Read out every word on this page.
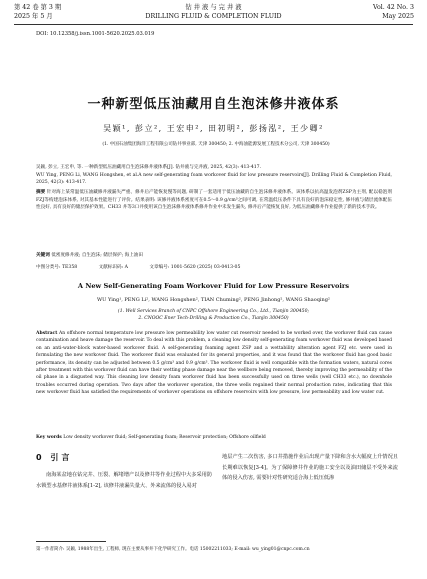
第 42 卷 第 3 期
2025 年 5 月
钻 井 液 与 完 井 液
DRILLING FLUID & COMPLETION FLUID
Vol. 42 No. 3
May 2025
DOI: 10.12358/j.issn.1001-5620.2025.03.019
一种新型低压油藏用自生泡沫修井液体系
吴颖¹, 彭立², 王宏申², 田初明², 彭扬泓², 王少卿²
(1. 中国石油集团海洋工程有限公司钻井事业部, 天津 300450; 2. 中海油能源发展工程技术分公司, 天津 300450)
吴颖, 彭立, 王宏申, 等. 一种新型低压油藏用自生泡沫修井液体系[J]. 钻井液与完井液, 2025, 42(3): 413-417.
WU Ying, PENG Li, WANG Hongshen, et al.A new self-generating foam workover fluid for low pressure reservoirs[J]. Drilling Fluid & Completion Fluid, 2025, 42(3): 413-417.
摘要 针对海上某常温低压油藏修井液漏失严重、修井后产能恢复慢等问题, 研制了一套适用于低压油藏的自生泡沫修井液体系。该体系以抗高温发泡剂ZSP为主剂, 配以稳泡剂FZJ等构建泡沫体系, 对其基本性能进行了评价。结果表明: 该修井液体系密度可在0.5～0.9 g/cm³之间可调, 在常温低压条件下具有良好的泡沫稳定性, 修井液与储层流体配伍性良好, 具有良好的储层保护效果。CH33 井等3口井使用该自生泡沫修井液体系修井作业中未发生漏失, 修井后产能恢复良好, 为低压油藏修井作业提供了新的技术手段。
关键词 低密度修井液; 自生泡沫; 储层保护; 海上油田
中图分类号: TE358	文献标识码: A	文章编号: 1001-5620 (2025) 03-0413-05
A New Self-Generating Foam Workover Fluid for Low Pressure Reservoirs
WU Ying¹, PENG Li², WANG Hongshen², TIAN Chuming², PENG Jinhong², WANG Shaoqing²
(1. Well Services Branch of CNPC Offshore Engineering Co., Ltd., Tianjin 300450;
2. CNOOC Ener Tech-Drilling & Production Co., Tianjin 300450)
Abstract An offshore normal temperature low pressure low permeability low water cut reservoir needed to be worked over, the workover fluid can cause contamination and heave damage the reservoir. To deal with this problem, a cleaning low density self-generating foam workover fluid was developed based on an anti-water-block water-based workover fluid. A self-generating foaming agent ZSP and a wettability alteration agent FZJ etc. were used in formulating the new workover fluid. The workover fluid was evaluated for its general properties, and it was found that the workover fluid has good basic performance, its density can be adjusted between 0.5 g/cm³ and 0.9 g/cm³. The workover fluid is well compatible with the formation waters, natural cores after treatment with this workover fluid can have their wetting phase damage near the wellbore being removed, thereby improving the permeability of the oil phase in a disgusted way. This cleaning low density foam workover fluid has been successfully used on three wells (well CH33 etc.), no downhole troubles occurred during operation. Two days after the workover operation, the three wells regained their normal production rates, indicating that this new workover fluid has satisfied the requirements of workover operations on offshore reservoirs with low pressure, low permeability and low water cut.
Key words Low density workover fluid; Self-generating foam; Reservoir protection; Offshore oilfield
0 引言
南海某盆地在钻完井、压裂、解堵增产以及修井等作业过程中大多采用防水锁型水基修井液体系[1-2], 该修井液漏失量大、外来流体的侵入易对
地层产生二次伤害, 多口井措施作业后出现产量下降和含水大幅度上升情况且长期难以恢复[3-4]。为了保障修井作业的施工安全以及油田储层不受外来流体的侵入伤害, 需要针对性研究适合海上低压低渗
第一作者简介: 吴颖, 1988年出生, 工程师, 现在主要从事井下化学研究工作。电话 15002211033; E-mail: wu_ying01@cnpc.com.cn
